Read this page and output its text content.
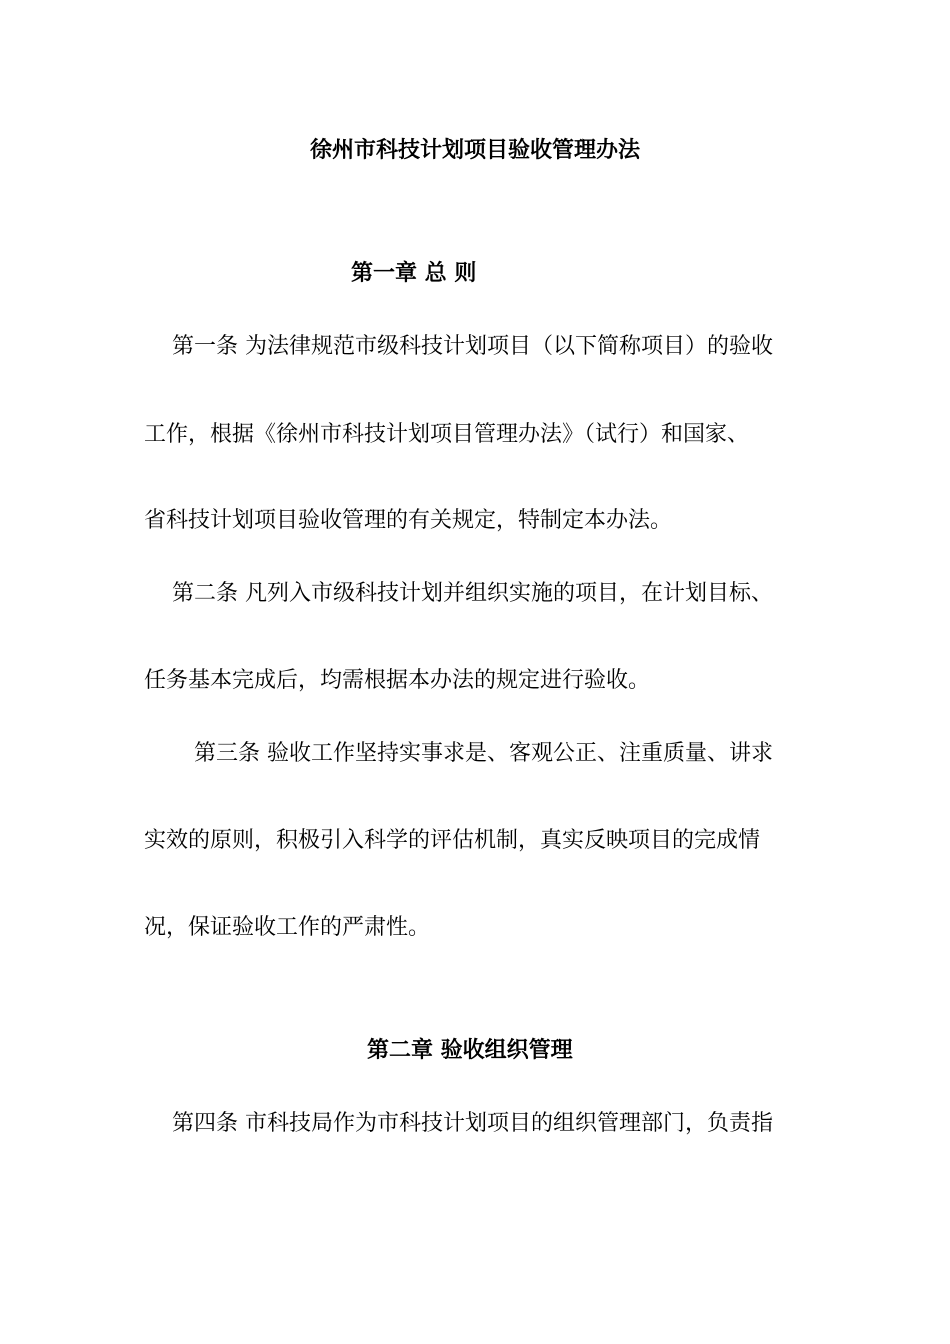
徐州市科技计划项目验收管理办法
第一章 总 则
第一条 为法律规范市级科技计划项目（以下简称项目）的验收
工作，根据《徐州市科技计划项目管理办法》（试行）和国家、
省科技计划项目验收管理的有关规定，特制定本办法。
第二条 凡列入市级科技计划并组织实施的项目，在计划目标、
任务基本完成后，均需根据本办法的规定进行验收。
第三条 验收工作坚持实事求是、客观公正、注重质量、讲求
实效的原则，积极引入科学的评估机制，真实反映项目的完成情
况，保证验收工作的严肃性。
第二章 验收组织管理
第四条 市科技局作为市科技计划项目的组织管理部门，负责指
